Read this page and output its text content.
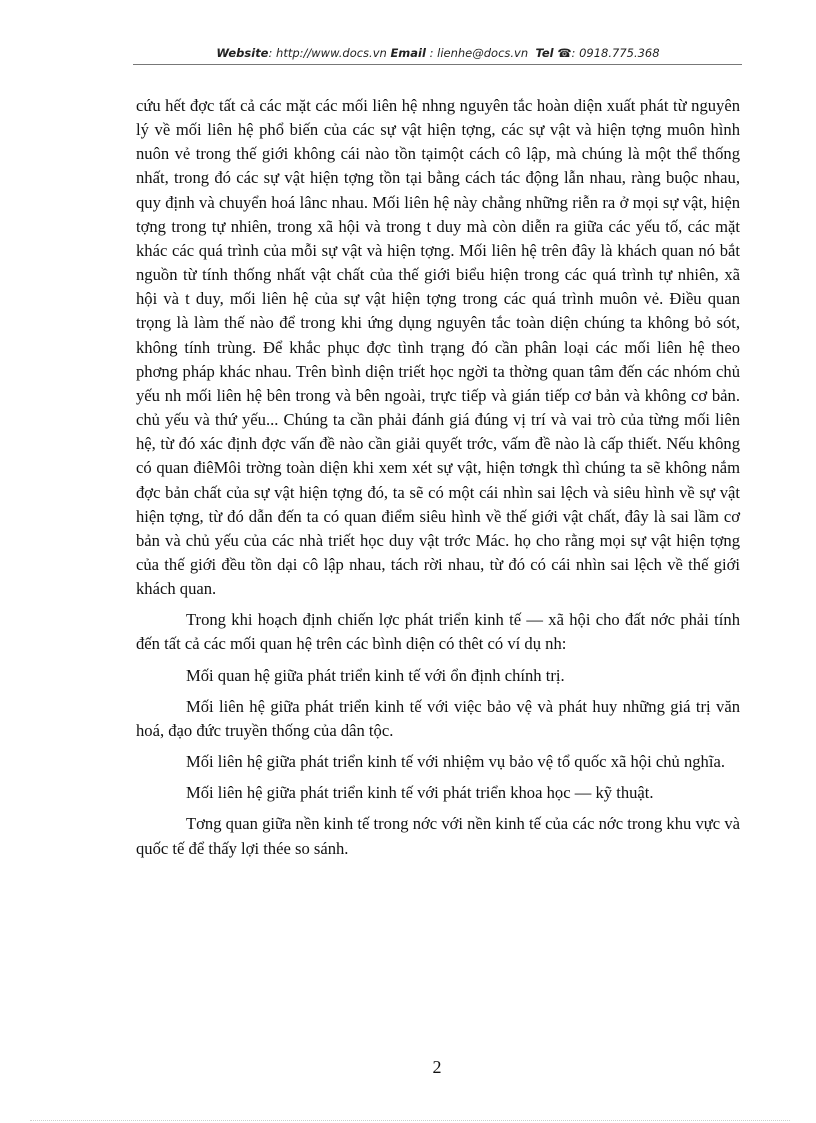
Website: http://www.docs.vn Email : lienhe@docs.vn Tel ☎: 0918.775.368

cứu hết đợc tất cả các mặt các mối liên hệ nhng nguyên tắc hoàn diện xuất phát từ nguyên lý về mối liên hệ phổ biến của các sự vật hiện tợng, các sự vật và hiện tợng muôn hình nuôn vẻ trong thế giới không cái nào tồn tạimột cách cô lập, mà chúng là một thể thống nhất, trong đó các sự vật hiện tợng tồn tại bằng cách tác động lẫn nhau, ràng buộc nhau, quy định và chuyển hoá lânc nhau. Mối liên hệ này chẳng những riễn ra ở mọi sự vật, hiện tợng trong tự nhiên, trong xã hội và trong t duy mà còn diễn ra giữa các yếu tố, các mặt khác các quá trình của mỗi sự vật và hiện tợng. Mối liên hệ trên đây là khách quan nó bắt nguồn từ tính thống nhất vật chất của thế giới biểu hiện trong các quá trình tự nhiên, xã hội và t duy, mối liên hệ của sự vật hiện tợng trong các quá trình muôn vẻ. Điều quan trọng là làm thế nào để trong khi ứng dụng nguyên tắc toàn diện chúng ta không bỏ sót, không tính trùng. Để khắc phục đợc tình trạng đó cần phân loại các mối liên hệ theo phơng pháp khác nhau. Trên bình diện triết học ngời ta thờng quan tâm đến các nhóm chủ yếu nh mối liên hệ bên trong và bên ngoài, trực tiếp và gián tiếp cơ bản và không cơ bản. chủ yếu và thứ yếu... Chúng ta cần phải đánh giá đúng vị trí và vai trò của từng mối liên hệ, từ đó xác định đợc vấn đề nào cần giải quyết trớc, vấm đề nào là cấp thiết. Nếu không có quan điêMôi trờng toàn diện khi xem xét sự vật, hiện tơngk thì chúng ta sẽ không nắm đợc bản chất của sự vật hiện tợng đó, ta sẽ có một cái nhìn sai lệch và siêu hình về sự vật hiện tợng, từ đó dẫn đến ta có quan điểm siêu hình về thế giới vật chất, đây là sai lầm cơ bản và chủ yếu của các nhà triết học duy vật trớc Mác. họ cho rằng mọi sự vật hiện tợng của thế giới đều tồn dại cô lập nhau, tách rời nhau, từ đó có cái nhìn sai lệch về thế giới khách quan.

Trong khi hoạch định chiến lợc phát triển kinh tế — xã hội cho đất nớc phải tính đến tất cả các mối quan hệ trên các bình diện có thêt có ví dụ nh:

Mối quan hệ giữa phát triển kinh tế với ổn định chính trị.

Mối liên hệ giữa phát triển kinh tế với việc bảo vệ và phát huy những giá trị văn hoá, đạo đức truyền thống của dân tộc.

Mối liên hệ giữa phát triển kinh tế với nhiệm vụ bảo vệ tổ quốc xã hội chủ nghĩa.

Mối liên hệ giữa phát triển kinh tế với phát triển khoa học — kỹ thuật.

Tơng quan giữa nền kinh tế trong nớc với nền kinh tế của các nớc trong khu vực và quốc tế để thấy lợi thée so sánh.

2
